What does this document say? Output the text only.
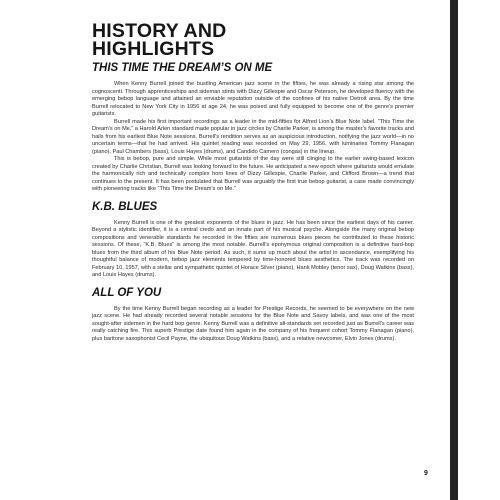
HISTORY AND
HIGHLIGHTS
THIS TIME THE DREAM’S ON ME

When Kenny Burrell joined the bustling American jazz scene in the fifties, he was already a rising star among the cognoscenti. Through apprenticeships and sideman stints with Dizzy Gillespie and Oscar Peterson, he developed fluency with the emerging bebop language and attained an enviable reputation outside of the confines of his native Detroit area. By the time Burrell relocated to New York City in 1956 at age 24, he was poised and fully equipped to become one of the genre’s premier guitarists.

Burrell made his first important recordings as a leader in the mid-fifties for Alfred Lion’s Blue Note label. “This Time the Dream’s on Me,” a Harold Arlen standard made popular in jazz circles by Charlie Parker, is among the master’s favorite tracks and hails from his earliest Blue Note sessions. Burrell’s rendition serves as an auspicious introduction, notifying the jazz world—in no uncertain terms—that he had arrived. His quintet reading was recorded on May 29, 1956, with luminaries Tommy Flanagan (piano), Paul Chambers (bass), Louis Hayes (drums), and Candido Camero (congas) in the lineup.

This is bebop, pure and simple. While most guitarists of the day were still clinging to the earlier swing-based lexicon created by Charlie Christian, Burrell was looking forward to the future. He anticipated a new epoch where guitarists would emulate the harmonically rich and technically complex horn lines of Dizzy Gillespie, Charlie Parker, and Clifford Brown—a trend that continues to the present. It has been postulated that Burrell was arguably the first true bebop guitarist, a case made convincingly with pioneering tracks like “This Time the Dream’s on Me.”

K.B. BLUES

Kenny Burrell is one of the greatest exponents of the blues in jazz. He has been since the earliest days of his career. Beyond a stylistic identifier, it is a central credo and an innate part of his musical psyche. Alongside the many original bebop compositions and venerable standards he recorded in the fifties are numerous blues pieces he contributed to these historic sessions. Of these, “K.B. Blues” is among the most notable. Burrell’s eponymous original composition is a definitive hard-bop blues from the third album of his Blue Note period. As such, it sums up much about the artist in ascendance, exemplifying his thoughtful balance of modern, bebop jazz elements tempered by time-honored blues aesthetics. The track was recorded on February 10, 1957, with a stellar and sympathetic quintet of Horace Silver (piano), Hank Mobley (tenor sax), Doug Watkins (bass), and Louis Hayes (drums).

ALL OF YOU

By the time Kenny Burrell began recording as a leader for Prestige Records, he seemed to be everywhere on the new jazz scene. He had already recorded several notable sessions for the Blue Note and Savoy labels, and was one of the most sought-after sidemen in the hard bop genre. Kenny Burrell was a definitive all-standards set recorded just as Burrell’s career was really catching fire. This superb Prestige date found him again in the company of his frequent cohort Tommy Flanagan (piano), plus baritone saxophonist Cecil Payne, the ubiquitous Doug Watkins (bass), and a relative newcomer, Elvin Jones (drums).

9
